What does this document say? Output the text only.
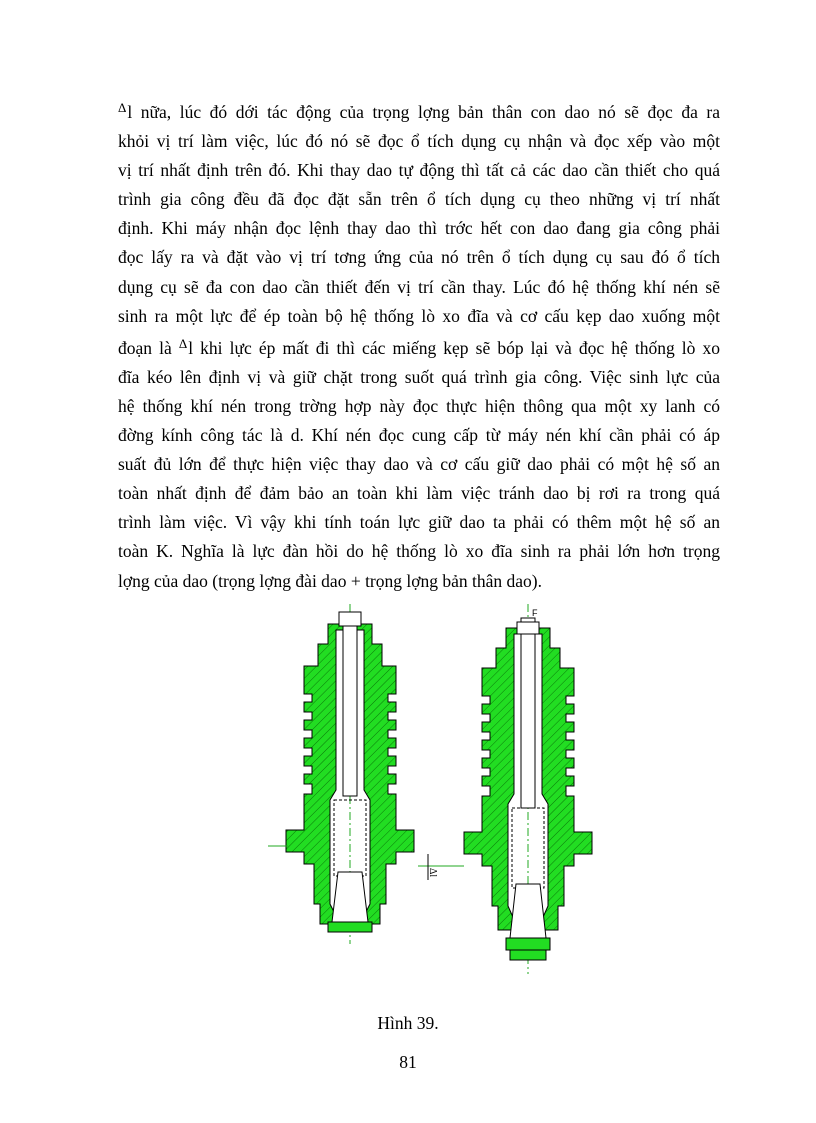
$^\Delta$l nữa, lúc đó dới tác động của trọng lợng bản thân con dao nó sẽ đọc đa ra
khỏi vị trí làm việc, lúc đó nó sẽ đọc ổ tích dụng cụ nhận và đọc xếp vào một
vị trí nhất định trên đó. Khi thay dao tự động thì tất cả các dao cần thiết cho quá
trình gia công đều đã đọc đặt sẵn trên ổ tích dụng cụ theo những vị trí nhất
định. Khi máy nhận đọc lệnh thay dao thì trớc hết con dao đang gia công phải
đọc lấy ra và đặt vào vị trí tơng ứng của nó trên ổ tích dụng cụ sau đó ổ tích
dụng cụ sẽ đa con dao cần thiết đến vị trí cần thay. Lúc đó hệ thống khí nén sẽ
sinh ra một lực để ép toàn bộ hệ thống lò xo đĩa và cơ cấu kẹp dao xuống một
đoạn là $^\Delta$l khi lực ép mất đi thì các miếng kẹp sẽ bóp lại và đọc hệ thống lò xo
đĩa kéo lên định vị và giữ chặt trong suốt quá trình gia công. Việc sinh lực của
hệ thống khí nén trong trờng hợp này đọc thực hiện thông qua một xy lanh có
đờng kính công tác là d. Khí nén đọc cung cấp từ máy nén khí cần phải có áp
suất đủ lớn để thực hiện việc thay dao và cơ cấu giữ dao phải có một hệ số an
toàn nhất định để đảm bảo an toàn khi làm việc tránh dao bị rơi ra trong quá
trình làm việc. Vì vậy khi tính toán lực giữ dao ta phải có thêm một hệ số an
toàn K. Nghĩa là lực đàn hồi do hệ thống lò xo đĩa sinh ra phải lớn hơn trọng
lợng của dao (trọng lợng đài dao + trọng lợng bản thân dao).
F
Δl
Hình 39.
81
